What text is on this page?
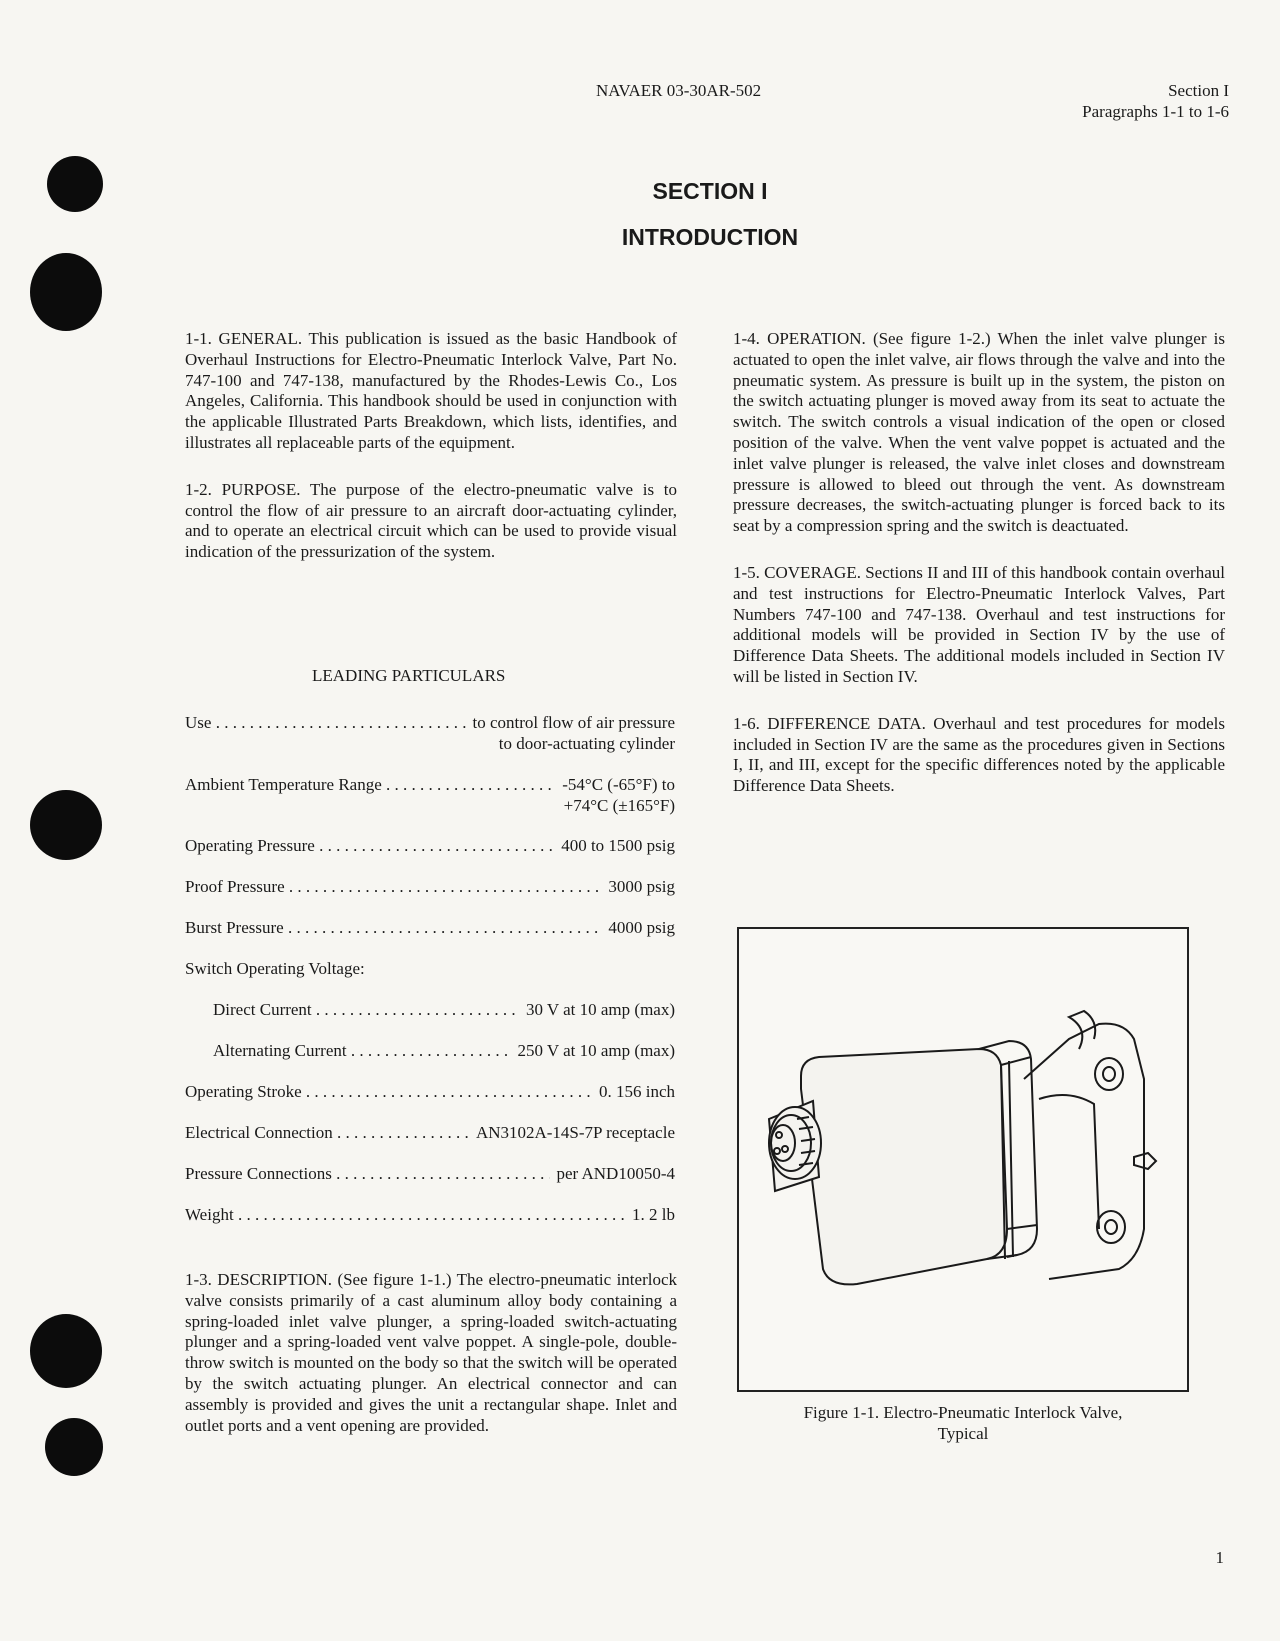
NAVAER 03-30AR-502	Section I
Paragraphs 1-1 to 1-6
SECTION I
INTRODUCTION

1-1. GENERAL. This publication is issued as the basic Handbook of Overhaul Instructions for Electro-Pneumatic Interlock Valve, Part No. 747-100 and 747-138, manufactured by the Rhodes-Lewis Co., Los Angeles, California. This handbook should be used in conjunction with the applicable Illustrated Parts Breakdown, which lists, identifies, and illustrates all replaceable parts of the equipment.

1-2. PURPOSE. The purpose of the electro-pneumatic valve is to control the flow of air pressure to an aircraft door-actuating cylinder, and to operate an electrical circuit which can be used to provide visual indication of the pressurization of the system.

LEADING PARTICULARS
Use . . .	to control flow of air pressure
to door-actuating cylinder
Ambient Temperature Range . . .	-54°C (-65°F) to
+74°C (±165°F)
Operating Pressure . . .	400 to 1500 psig
Proof Pressure . . .	3000 psig
Burst Pressure . . .	4000 psig
Switch Operating Voltage:
Direct Current . . .	30 V at 10 amp (max)
Alternating Current . . .	250 V at 10 amp (max)
Operating Stroke . . .	0. 156 inch
Electrical Connection . . .	AN3102A-14S-7P receptacle
Pressure Connections . . .	per AND10050-4
Weight . . .	1. 2 lb

1-3. DESCRIPTION. (See figure 1-1.) The electro-pneumatic interlock valve consists primarily of a cast aluminum alloy body containing a spring-loaded inlet valve plunger, a spring-loaded switch-actuating plunger and a spring-loaded vent valve poppet. A single-pole, double-throw switch is mounted on the body so that the switch will be operated by the switch actuating plunger. An electrical connector and can assembly is provided and gives the unit a rectangular shape. Inlet and outlet ports and a vent opening are provided.

1-4. OPERATION. (See figure 1-2.) When the inlet valve plunger is actuated to open the inlet valve, air flows through the valve and into the pneumatic system. As pressure is built up in the system, the piston on the switch actuating plunger is moved away from its seat to actuate the switch. The switch controls a visual indication of the open or closed position of the valve. When the vent valve poppet is actuated and the inlet valve plunger is released, the valve inlet closes and downstream pressure is allowed to bleed out through the vent. As downstream pressure decreases, the switch-actuating plunger is forced back to its seat by a compression spring and the switch is deactuated.

1-5. COVERAGE. Sections II and III of this handbook contain overhaul and test instructions for Electro-Pneumatic Interlock Valves, Part Numbers 747-100 and 747-138. Overhaul and test instructions for additional models will be provided in Section IV by the use of Difference Data Sheets. The additional models included in Section IV will be listed in Section IV.

1-6. DIFFERENCE DATA. Overhaul and test procedures for models included in Section IV are the same as the procedures given in Sections I, II, and III, except for the specific differences noted by the applicable Difference Data Sheets.

Figure 1-1. Electro-Pneumatic Interlock Valve,
Typical
1
